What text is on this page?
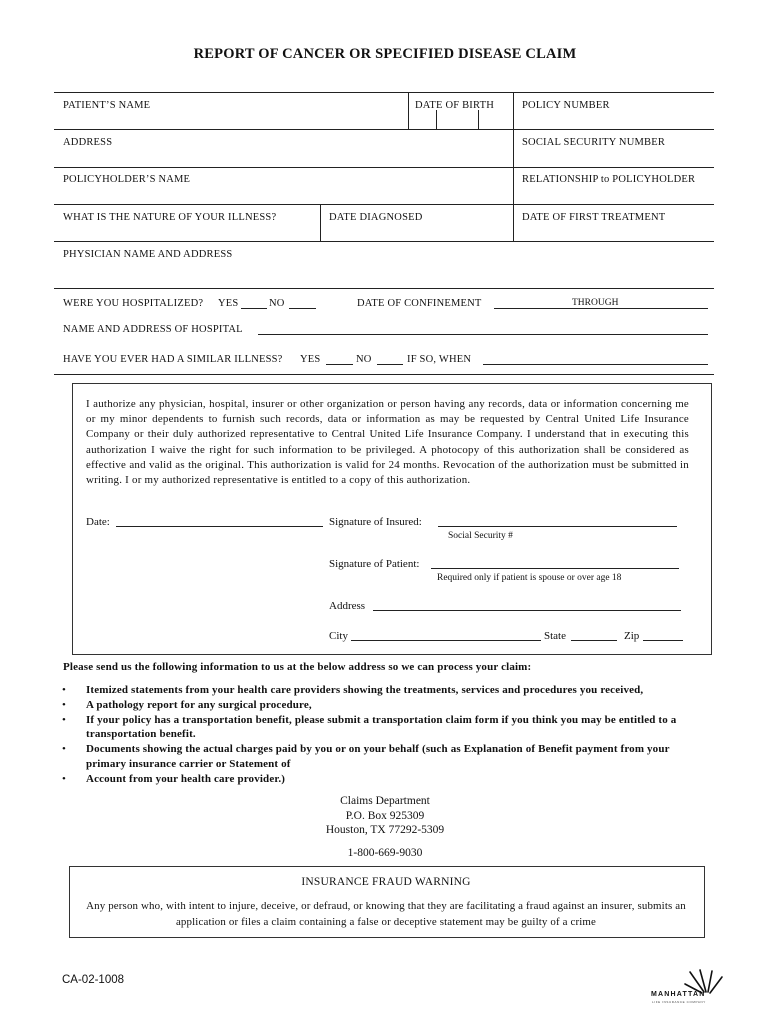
REPORT OF CANCER OR SPECIFIED DISEASE CLAIM
PATIENT’S NAME	DATE OF BIRTH	POLICY NUMBER
ADDRESS	SOCIAL SECURITY NUMBER
POLICYHOLDER’S NAME	RELATIONSHIP to POLICYHOLDER
WHAT IS THE NATURE OF YOUR ILLNESS?	DATE DIAGNOSED	DATE OF FIRST TREATMENT
PHYSICIAN NAME AND ADDRESS
WERE YOU HOSPITALIZED? YES	NO	DATE OF CONFINEMENT	THROUGH
NAME AND ADDRESS OF HOSPITAL
HAVE YOU EVER HAD A SIMILAR ILLNESS? YES	NO	IF SO, WHEN
I authorize any physician, hospital, insurer or other organization or person having any records, data or information concerning me or my minor dependents to furnish such records, data or information as may be requested by Central United Life Insurance Company or their duly authorized representative to Central United Life Insurance Company. I understand that in executing this authorization I waive the right for such information to be privileged. A photocopy of this authorization shall be considered as effective and valid as the original. This authorization is valid for 24 months. Revocation of the authorization must be submitted in writing. I or my authorized representative is entitled to a copy of this authorization.
Date:	Signature of Insured:
Social Security #
Signature of Patient:
Required only if patient is spouse or over age 18
Address
City	State	Zip
Please send us the following information to us at the below address so we can process your claim:
• Itemized statements from your health care providers showing the treatments, services and procedures you received,
• A pathology report for any surgical procedure,
• If your policy has a transportation benefit, please submit a transportation claim form if you think you may be entitled to a transportation benefit.
• Documents showing the actual charges paid by you or on your behalf (such as Explanation of Benefit payment from your primary insurance carrier or Statement of
• Account from your health care provider.)
Claims Department
P.O. Box 925309
Houston, TX 77292-5309
1-800-669-9030
INSURANCE FRAUD WARNING
Any person who, with intent to injure, deceive, or defraud, or knowing that they are facilitating a fraud against an insurer, submits an application or files a claim containing a false or deceptive statement may be guilty of a crime
CA-02-1008
MANHATTAN
LIFE INSURANCE COMPANY
